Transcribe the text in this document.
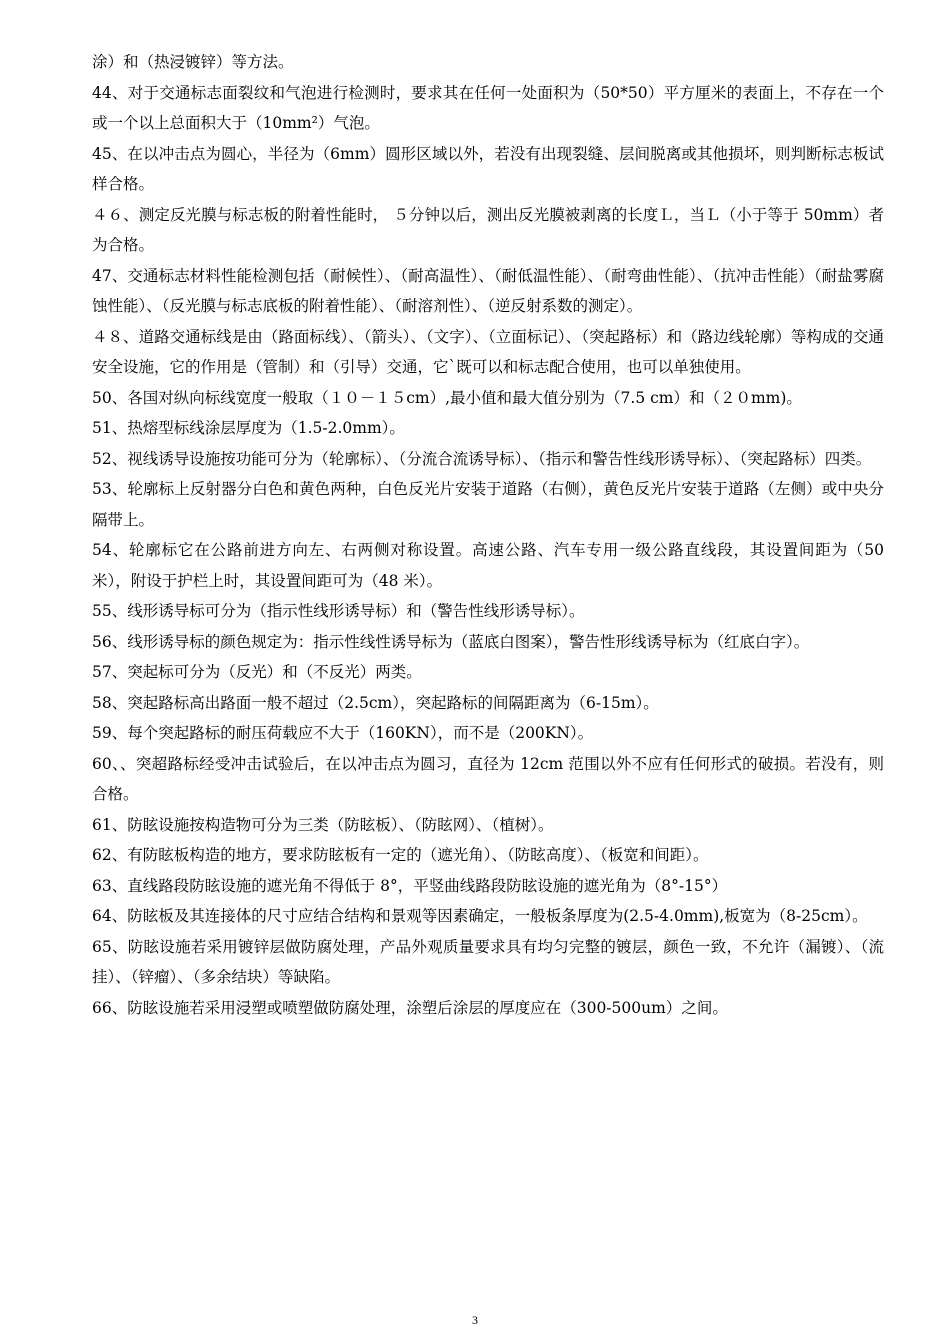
涂）和（热浸镀锌）等方法。

44、对于交通标志面裂纹和气泡进行检测时，要求其在任何一处面积为（50*50）平方厘米的表面上，不存在一个或一个以上总面积大于（10mm²）气泡。

45、在以冲击点为圆心，半径为（6mm）圆形区域以外，若没有出现裂缝、层间脱离或其他损坏，则判断标志板试样合格。

４６、测定反光膜与标志板的附着性能时， ５分钟以后，测出反光膜被剥离的长度Ｌ，当Ｌ（小于等于 50mm）者为合格。

47、交通标志材料性能检测包括（耐候性）、（耐高温性）、（耐低温性能）、（耐弯曲性能）、（抗冲击性能）（耐盐雾腐蚀性能）、（反光膜与标志底板的附着性能）、（耐溶剂性）、（逆反射系数的测定）。

４８、道路交通标线是由（路面标线）、（箭头）、（文字）、（立面标记）、（突起路标）和（路边线轮廓）等构成的交通安全设施，它的作用是（管制）和（引导）交通，它`既可以和标志配合使用，也可以单独使用。

50、各国对纵向标线宽度一般取（１０－１５cm）,最小值和最大值分别为（7.5 cm）和（２０mm)。

51、热熔型标线涂层厚度为（1.5-2.0mm）。

52、视线诱导设施按功能可分为（轮廓标）、（分流合流诱导标）、（指示和警告性线形诱导标）、（突起路标）四类。

53、轮廓标上反射器分白色和黄色两种，白色反光片安装于道路（右侧），黄色反光片安装于道路（左侧）或中央分隔带上。

54、轮廓标它在公路前进方向左、右两侧对称设置。高速公路、汽车专用一级公路直线段，其设置间距为（50 米），附设于护栏上时，其设置间距可为（48 米）。

55、线形诱导标可分为（指示性线形诱导标）和（警告性线形诱导标）。

56、线形诱导标的颜色规定为：指示性线性诱导标为（蓝底白图案），警告性形线诱导标为（红底白字）。

57、突起标可分为（反光）和（不反光）两类。

58、突起路标高出路面一般不超过（2.5cm），突起路标的间隔距离为（6-15m）。

59、每个突起路标的耐压荷载应不大于（160KN），而不是（200KN）。

60、、突超路标经受冲击试验后，在以冲击点为圆习，直径为 12cm 范围以外不应有任何形式的破损。若没有，则合格。

61、防眩设施按构造物可分为三类（防眩板）、（防眩网）、（植树）。

62、有防眩板构造的地方，要求防眩板有一定的（遮光角）、（防眩高度）、（板宽和间距）。

63、直线路段防眩设施的遮光角不得低于 8°，平竖曲线路段防眩设施的遮光角为（8°-15°）

64、防眩板及其连接体的尺寸应结合结构和景观等因素确定，一般板条厚度为(2.5-4.0mm),板宽为（8-25cm）。

65、防眩设施若采用镀锌层做防腐处理，产品外观质量要求具有均匀完整的镀层，颜色一致，不允许（漏镀）、（流挂）、（锌瘤）、（多余结块）等缺陷。

66、防眩设施若采用浸塑或喷塑做防腐处理，涂塑后涂层的厚度应在（300-500um）之间。

3
